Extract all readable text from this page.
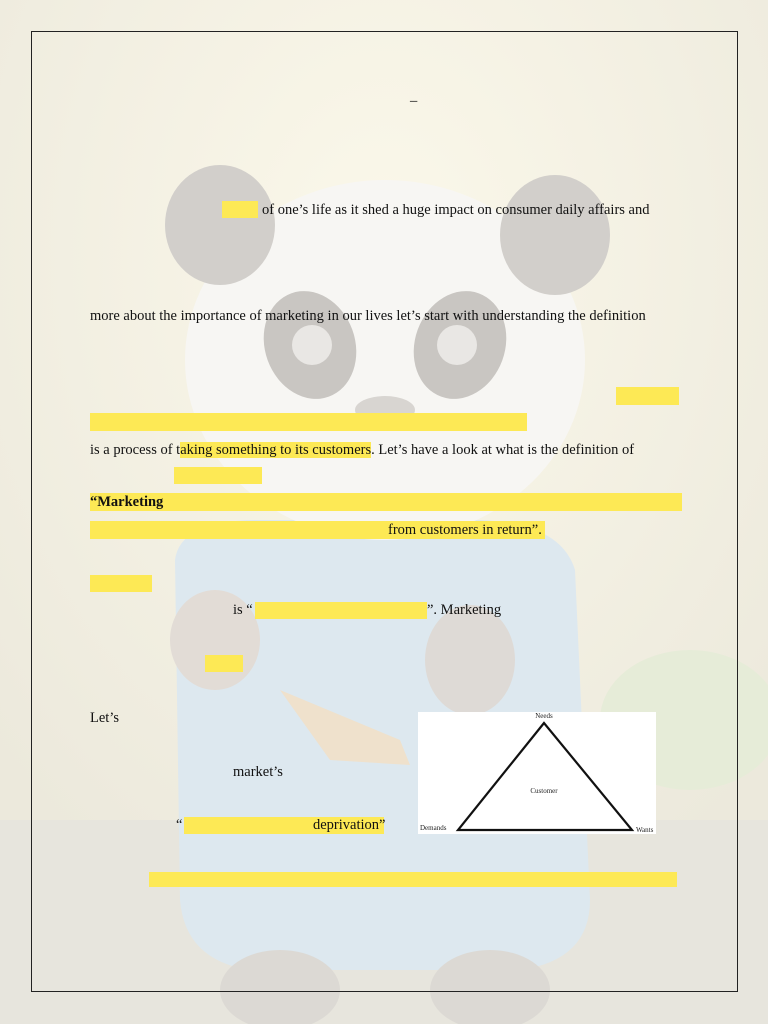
–
of one’s life as it shed a huge impact on consumer daily affairs and
more about the importance of marketing in our lives let’s start with understanding the definition
is a process of taking something to its customers. Let’s have a look at what is the definition of
“Marketing
from customers in return”.
is “	”. Marketing
Let’s
market’s
“	deprivation”
Needs
Customer
Demands	Wants
